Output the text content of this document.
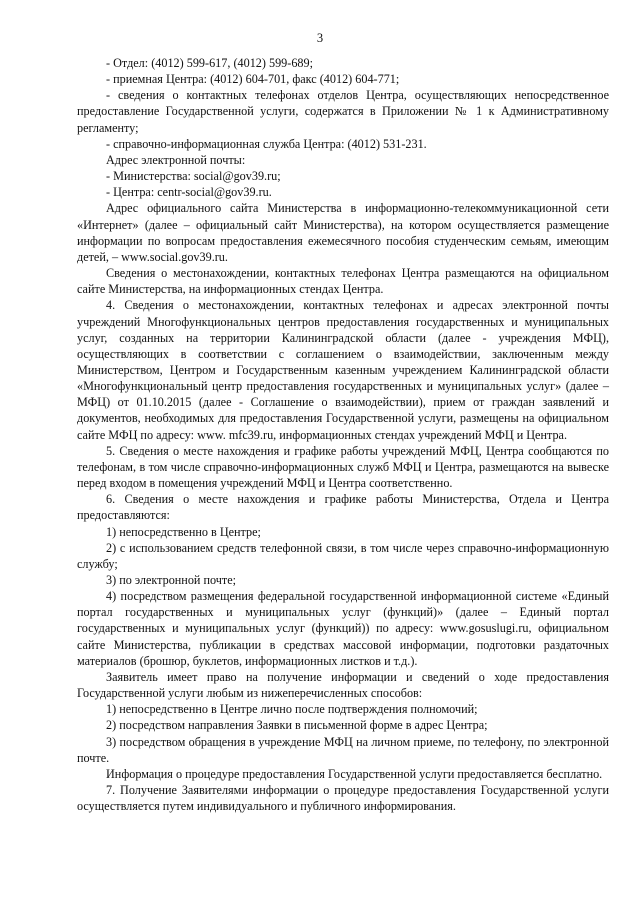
3

- Отдел: (4012) 599-617, (4012) 599-689;

- приемная Центра: (4012) 604-701, факс (4012) 604-771;

- сведения о контактных телефонах отделов Центра, осуществляющих непосредственное предоставление Государственной услуги, содержатся в Приложении № 1 к Административному регламенту;

- справочно-информационная служба Центра: (4012) 531-231.

Адрес электронной почты:

- Министерства: social@gov39.ru;

- Центра: centr-social@gov39.ru.

Адрес официального сайта Министерства в информационно-телекоммуникационной сети «Интернет» (далее – официальный сайт Министерства), на котором осуществляется размещение информации по вопросам предоставления ежемесячного пособия студенческим семьям, имеющим детей, – www.social.gov39.ru.

Сведения о местонахождении, контактных телефонах Центра размещаются на официальном сайте Министерства, на информационных стендах Центра.

4. Сведения о местонахождении, контактных телефонах и адресах электронной почты учреждений Многофункциональных центров предоставления государственных и муниципальных услуг, созданных на территории Калининградской области (далее - учреждения МФЦ), осуществляющих в соответствии с соглашением о взаимодействии, заключенным между Министерством, Центром и Государственным казенным учреждением Калининградской области «Многофункциональный центр предоставления государственных и муниципальных услуг» (далее – МФЦ) от 01.10.2015 (далее - Соглашение о взаимодействии), прием от граждан заявлений и документов, необходимых для предоставления Государственной услуги, размещены на официальном сайте МФЦ по адресу: www. mfc39.ru, информационных стендах учреждений МФЦ и Центра.

5. Сведения о месте нахождения и графике работы учреждений МФЦ, Центра сообщаются по телефонам, в том числе справочно-информационных служб МФЦ и Центра, размещаются на вывеске перед входом в помещения учреждений МФЦ и Центра соответственно.

6. Сведения о месте нахождения и графике работы Министерства, Отдела и Центра предоставляются:

1) непосредственно в Центре;

2) с использованием средств телефонной связи, в том числе через справочно-информационную службу;

3) по электронной почте;

4) посредством размещения федеральной государственной информационной системе «Единый портал государственных и муниципальных услуг (функций)» (далее – Единый портал государственных и муниципальных услуг (функций)) по адресу: www.gosuslugi.ru, официальном сайте Министерства, публикации в средствах массовой информации, подготовки раздаточных материалов (брошюр, буклетов, информационных листков и т.д.).

Заявитель имеет право на получение информации и сведений о ходе предоставления Государственной услуги любым из нижеперечисленных способов:

1) непосредственно в Центре лично после подтверждения полномочий;

2) посредством направления Заявки в письменной форме в адрес Центра;

3) посредством обращения в учреждение МФЦ на личном приеме, по телефону, по электронной почте.

Информация о процедуре предоставления Государственной услуги предоставляется бесплатно.

7. Получение Заявителями информации о процедуре предоставления Государственной услуги осуществляется путем индивидуального и публичного информирования.
